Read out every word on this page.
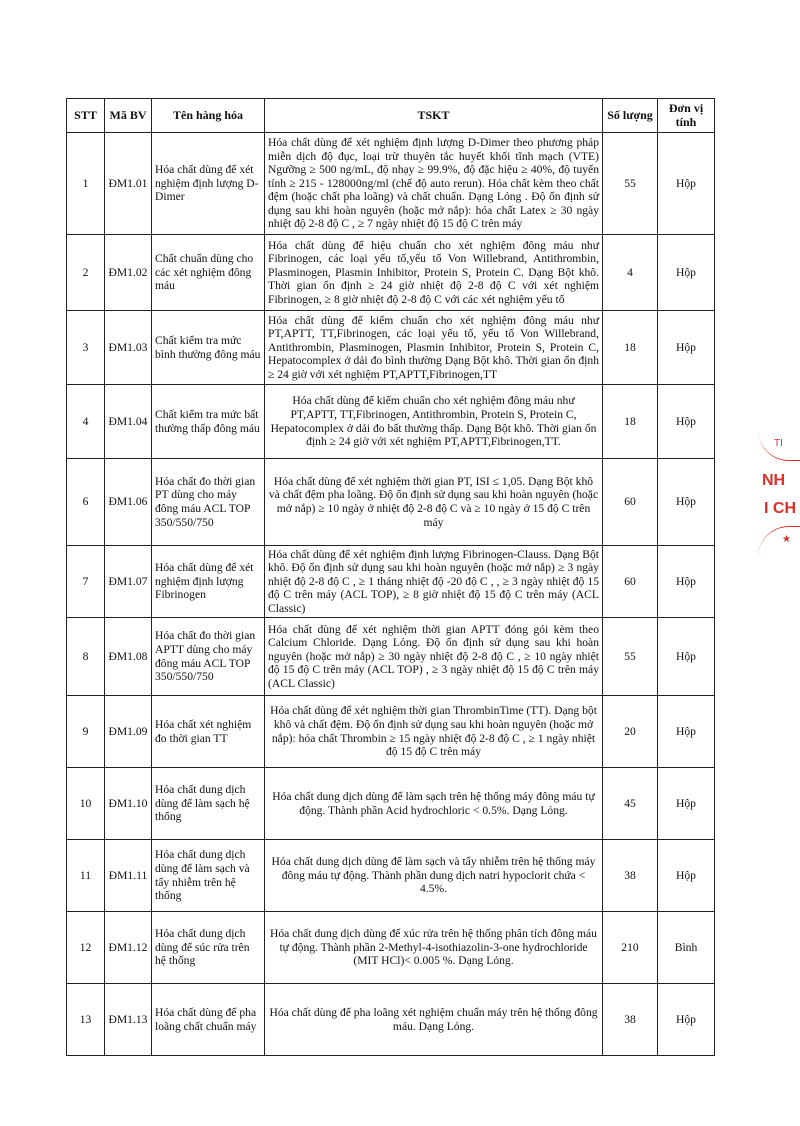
STT	Mã BV	Tên hàng hóa	TSKT	Số lượng	Đơn vị tính
1	ĐM1.01	Hóa chất dùng để xét nghiệm định lượng D-Dimer	Hóa chất dùng để xét nghiệm định lượng D-Dimer theo phương pháp miễn dịch độ đục, loại trừ thuyên tắc huyết khối tĩnh mạch (VTE) Ngưỡng ≥ 500 ng/mL, độ nhạy ≥ 99.9%, độ đặc hiệu ≥ 40%, độ tuyến tính ≥ 215 - 128000ng/ml (chế độ auto rerun). Hóa chất kèm theo chất đệm (hoặc chất pha loãng) và chất chuẩn. Dạng Lỏng . Độ ổn định sử dụng sau khi hoàn nguyên (hoặc mở nắp): hóa chất Latex ≥ 30 ngày nhiệt độ 2-8 độ C , ≥ 7 ngày nhiệt độ 15 độ C trên máy	55	Hộp
2	ĐM1.02	Chất chuẩn dùng cho các xét nghiệm đông máu	Hóa chất dùng để hiệu chuẩn cho xét nghiệm đông máu như Fibrinogen, các loại yếu tố,yếu tố Von Willebrand, Antithrombin, Plasminogen, Plasmin Inhibitor, Protein S, Protein C. Dạng Bột khô. Thời gian ổn định ≥ 24 giờ nhiệt độ 2-8 độ C với xét nghiệm Fibrinogen, ≥ 8 giờ nhiệt độ 2-8 độ C với các xét nghiệm yếu tố	4	Hộp
3	ĐM1.03	Chất kiểm tra mức bình thường đông máu	Hóa chất dùng để kiểm chuẩn cho xét nghiệm đông máu như PT,APTT, TT,Fibrinogen, các loại yếu tố, yếu tố Von Willebrand, Antithrombin, Plasminogen, Plasmin Inhibitor, Protein S, Protein C, Hepatocomplex ở dải đo bình thường Dạng Bột khô. Thời gian ổn định ≥ 24 giờ với xét nghiệm PT,APTT,Fibrinogen,TT	18	Hộp
4	ĐM1.04	Chất kiểm tra mức bất thường thấp đông máu	Hóa chất dùng để kiểm chuẩn cho xét nghiệm đông máu như PT,APTT, TT,Fibrinogen, Antithrombin, Protein S, Protein C, Hepatocomplex ở dải đo bất thường thấp. Dạng Bột khô. Thời gian ổn định ≥ 24 giờ với xét nghiệm PT,APTT,Fibrinogen,TT.	18	Hộp
6	ĐM1.06	Hóa chất đo thời gian PT dùng cho máy đông máu ACL TOP 350/550/750	Hóa chất dùng để xét nghiệm thời gian PT, ISI ≤ 1,05. Dạng Bột khô và chất đệm pha loãng. Độ ổn định sử dụng sau khi hoàn nguyên (hoặc mở nắp) ≥ 10 ngày ở nhiệt độ 2-8 độ C và ≥ 10 ngày ở 15 độ C trên máy	60	Hộp
7	ĐM1.07	Hóa chất dùng để xét nghiệm định lượng Fibrinogen	Hóa chất dùng để xét nghiệm định lượng Fibrinogen-Clauss. Dạng Bột khô. Độ ổn định sử dụng sau khi hoàn nguyên (hoặc mở nắp) ≥ 3 ngày nhiệt độ 2-8 độ C , ≥ 1 tháng nhiệt độ -20 độ C , , ≥ 3 ngày nhiệt độ 15 độ C trên máy (ACL TOP), ≥ 8 giờ nhiệt độ 15 độ C trên máy (ACL Classic)	60	Hộp
8	ĐM1.08	Hóa chất đo thời gian APTT dùng cho máy đông máu ACL TOP 350/550/750	Hóa chất dùng để xét nghiệm thời gian APTT đóng gói kèm theo Calcium Chloride. Dạng Lỏng. Độ ổn định sử dụng sau khi hoàn nguyên (hoặc mở nắp) ≥ 30 ngày nhiệt độ 2-8 độ C , ≥ 10 ngày nhiệt độ 15 độ C trên máy (ACL TOP) , ≥ 3 ngày nhiệt độ 15 độ C trên máy (ACL Classic)	55	Hộp
9	ĐM1.09	Hóa chất xét nghiệm đo thời gian TT	Hóa chất dùng để xét nghiệm thời gian ThrombinTime (TT). Dạng bột khô và chất đệm. Độ ổn định sử dụng sau khi hoàn nguyên (hoặc mở nắp): hóa chất Thrombin ≥ 15 ngày nhiệt độ 2-8 độ C , ≥ 1 ngày nhiệt độ 15 độ C trên máy	20	Hộp
10	ĐM1.10	Hóa chất dung dịch dùng để làm sạch hệ thống	Hóa chất dung dịch dùng để làm sạch trên hệ thống máy đông máu tự động. Thành phần Acid hydrochloric < 0.5%. Dạng Lỏng.	45	Hộp
11	ĐM1.11	Hóa chất dung dịch dùng để làm sạch và tẩy nhiễm trên hệ thống	Hóa chất dung dịch dùng để làm sạch và tẩy nhiễm trên hệ thống máy đông máu tự động. Thành phần dung dịch natri hypoclorit chứa < 4.5%.	38	Hộp
12	ĐM1.12	Hóa chất dung dịch dùng để súc rửa trên hệ thống	Hóa chất dung dịch dùng để xúc rửa trên hệ thống phân tích đông máu tự động. Thành phần 2-Methyl-4-isothiazolin-3-one hydrochloride (MIT HCl)< 0.005 %. Dạng Lỏng.	210	Bình
13	ĐM1.13	Hóa chất dùng để pha loãng chất chuẩn máy	Hóa chất dùng để pha loãng xét nghiệm chuẩn máy trên hệ thống đông máu. Dạng Lỏng.	38	Hộp
TI
NH
I CH
★
